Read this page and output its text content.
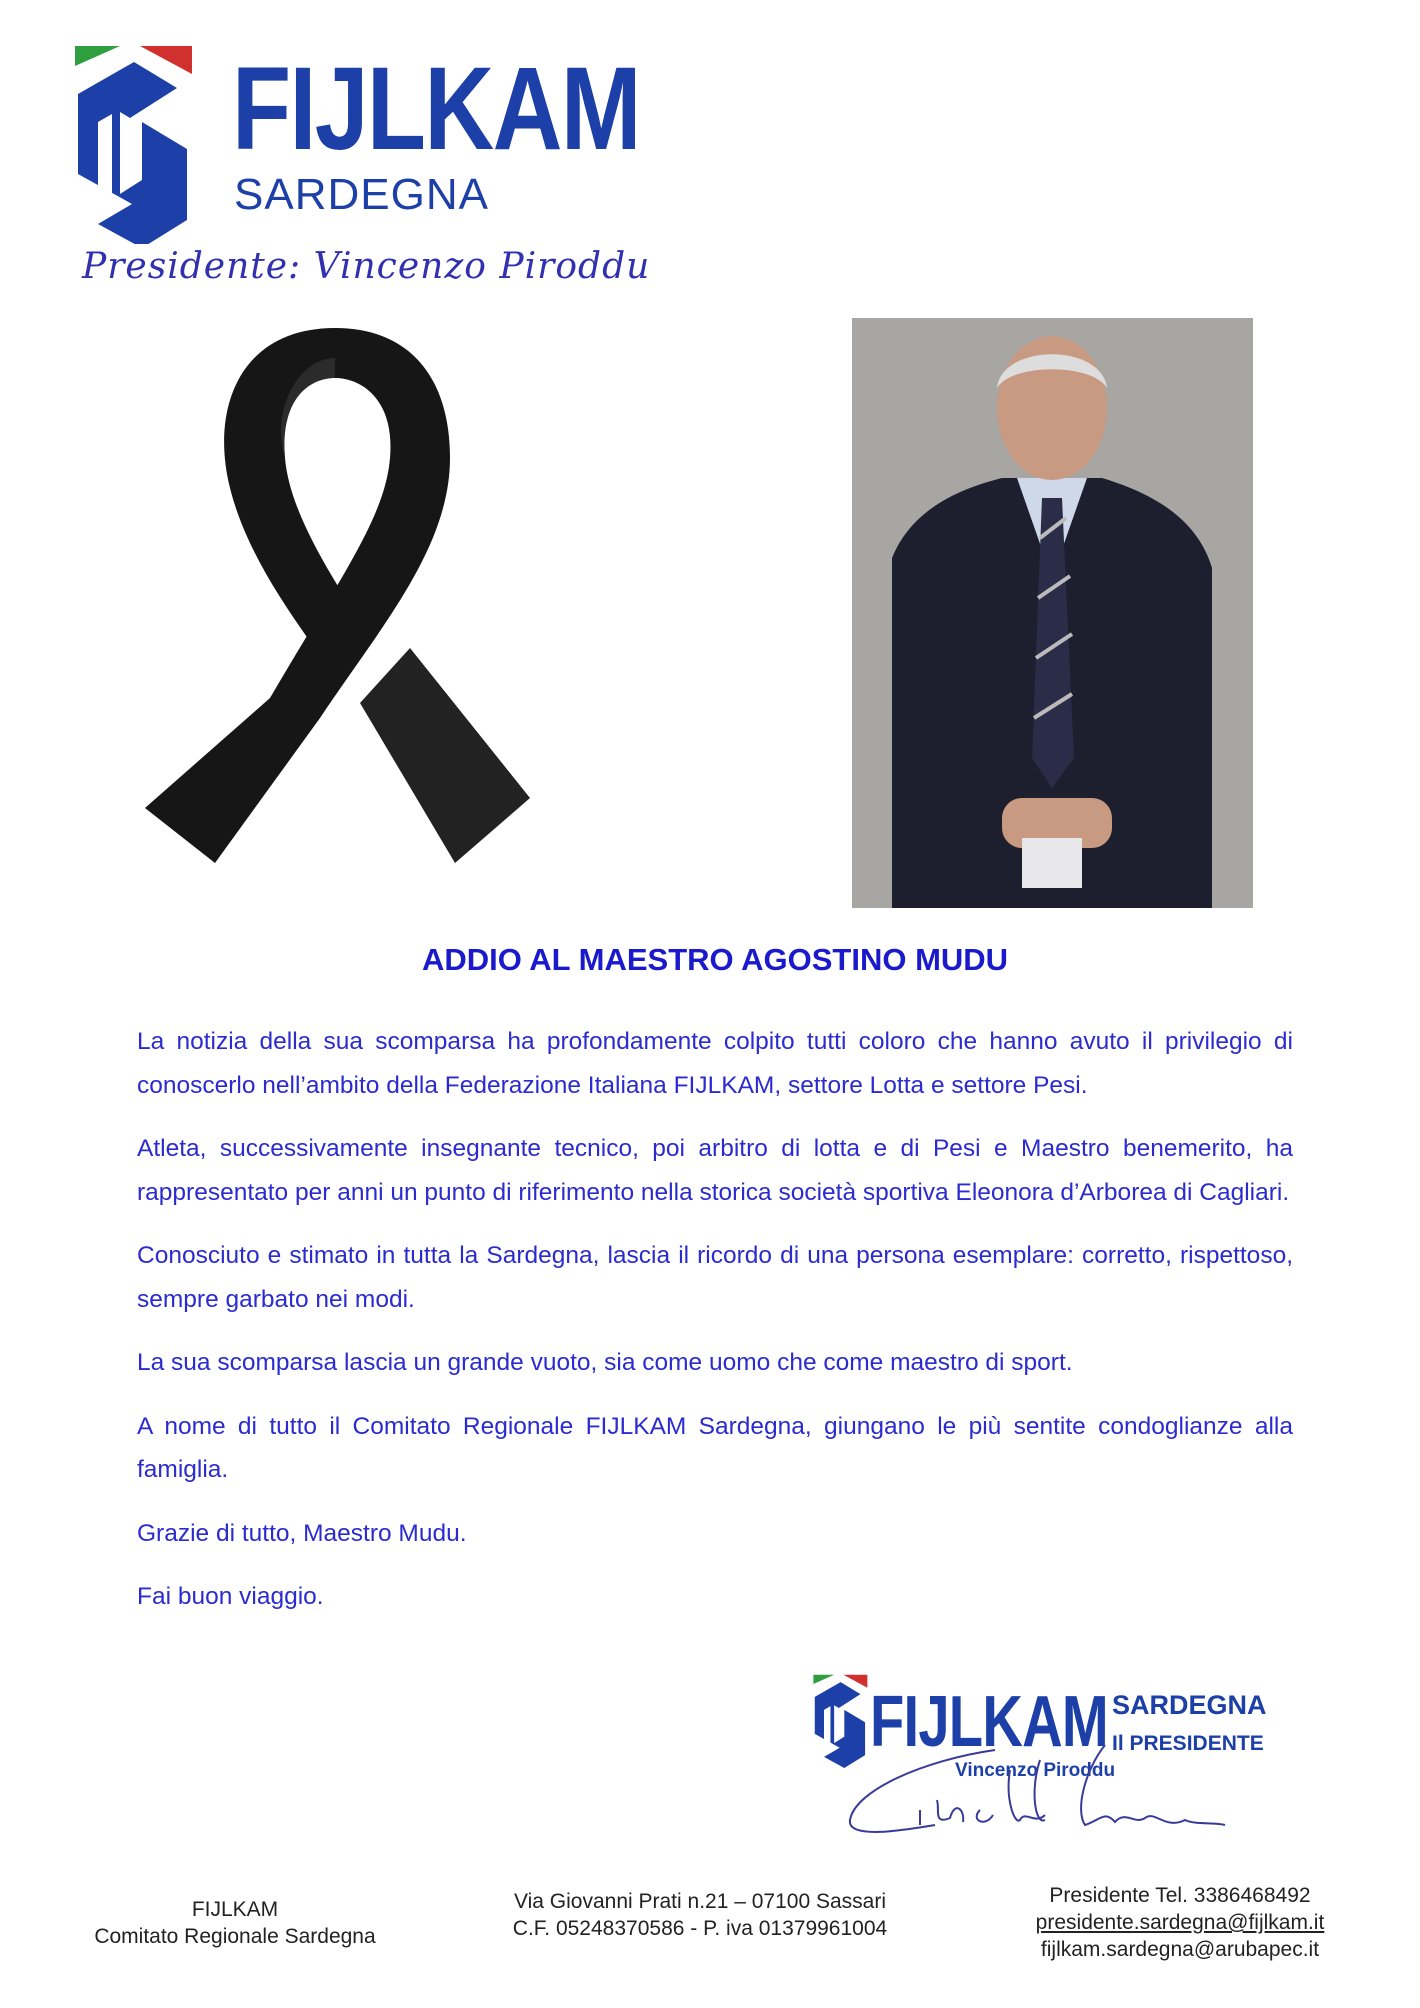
FIJLKAM
SARDEGNA
Presidente: Vincenzo Piroddu
ADDIO AL MAESTRO AGOSTINO MUDU

La notizia della sua scomparsa ha profondamente colpito tutti coloro che hanno avuto il privilegio di conoscerlo nell’ambito della Federazione Italiana FIJLKAM, settore Lotta e settore Pesi.

Atleta, successivamente insegnante tecnico, poi arbitro di lotta e di Pesi e Maestro benemerito, ha rappresentato per anni un punto di riferimento nella storica società sportiva Eleonora d’Arborea di Cagliari.

Conosciuto e stimato in tutta la Sardegna, lascia il ricordo di una persona esemplare: corretto, rispettoso, sempre garbato nei modi.

La sua scomparsa lascia un grande vuoto, sia come uomo che come maestro di sport.

A nome di tutto il Comitato Regionale FIJLKAM Sardegna, giungano le più sentite condoglianze alla famiglia.

Grazie di tutto, Maestro Mudu.

Fai buon viaggio.

FIJLKAM SARDEGNA
Il PRESIDENTE
Vincenzo Piroddu
FIJLKAM
Comitato Regionale Sardegna
Via Giovanni Prati n.21 – 07100 Sassari
C.F. 05248370586 - P. iva 01379961004
Presidente Tel. 3386468492
presidente.sardegna@fijlkam.it
fijlkam.sardegna@arubapec.it
